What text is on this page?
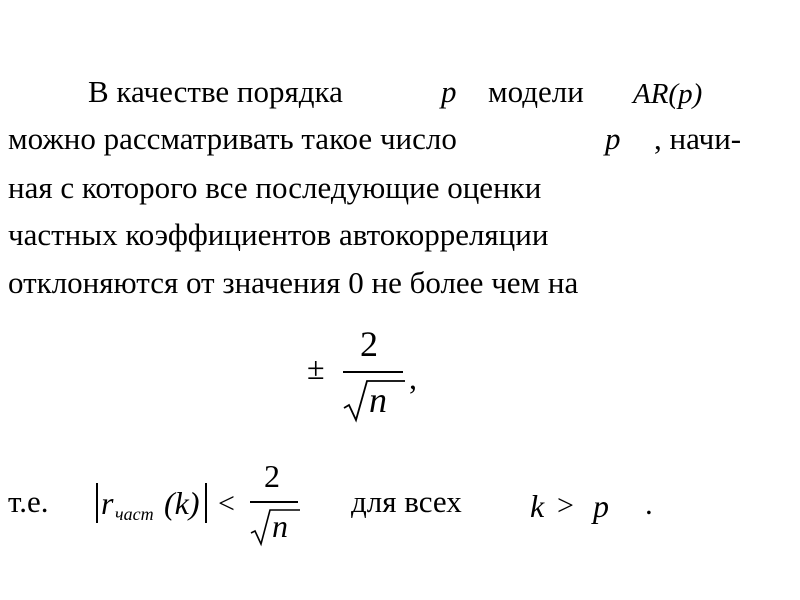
В качестве порядка	p модели AR(p)
можно рассматривать такое число	p , начи-
ная с которого все последующие оценки
частных коэффициентов автокорреляции
отклоняются от значения 0 не более чем на
±
2
n
,
т.е. r част (k) <
2
n
для всех k > p .
